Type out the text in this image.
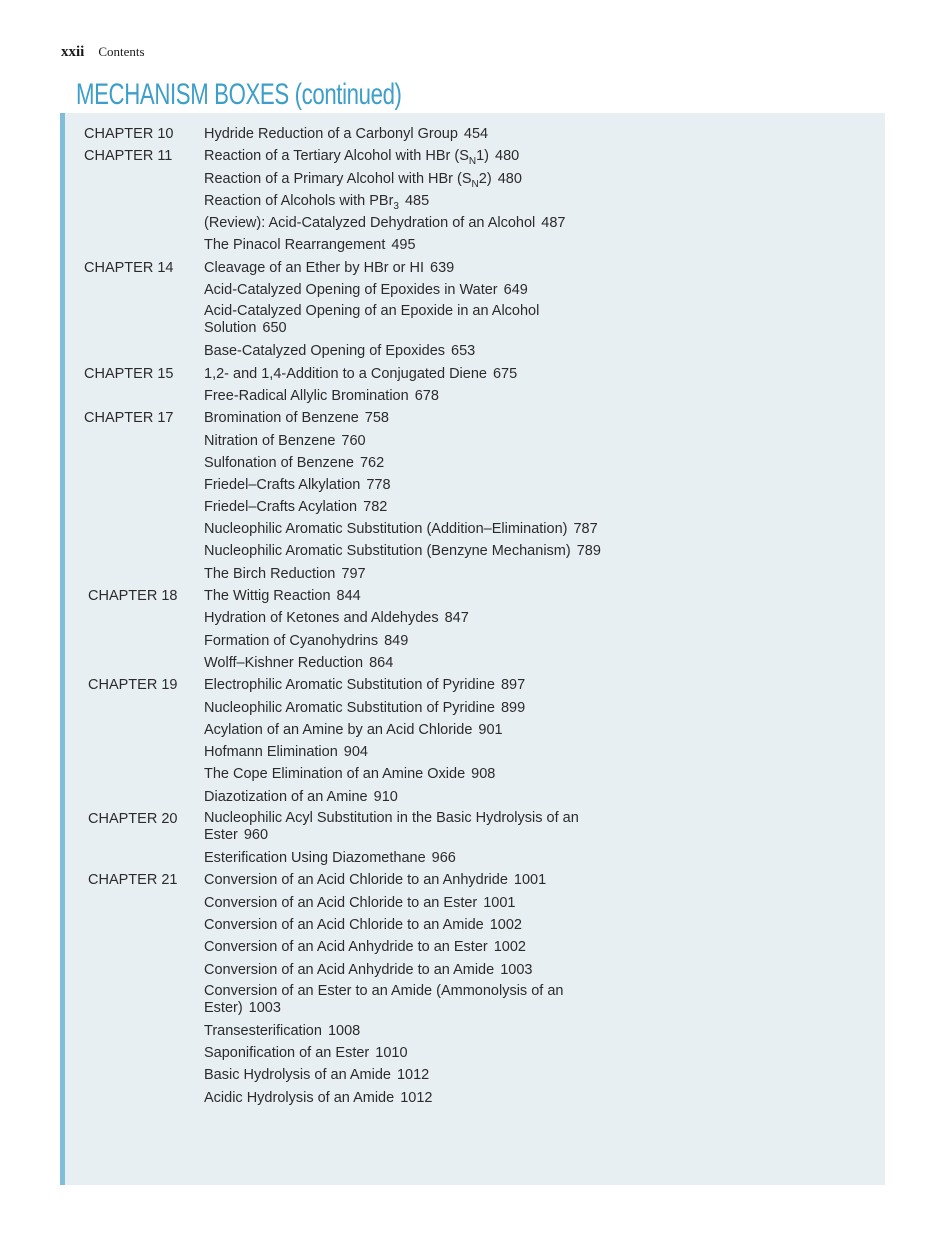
xxii Contents
MECHANISM BOXES (continued)
CHAPTER 10	Hydride Reduction of a Carbonyl Group 454
CHAPTER 11	Reaction of a Tertiary Alcohol with HBr $(S_N1)$ 480
Reaction of a Primary Alcohol with HBr $(S_N2)$ 480
Reaction of Alcohols with PBr$_3$ 485
(Review): Acid-Catalyzed Dehydration of an Alcohol 487
The Pinacol Rearrangement 495
CHAPTER 14	Cleavage of an Ether by HBr or HI 639
Acid-Catalyzed Opening of Epoxides in Water 649
Acid-Catalyzed Opening of an Epoxide in an Alcohol Solution 650
Base-Catalyzed Opening of Epoxides 653
CHAPTER 15	1,2- and 1,4-Addition to a Conjugated Diene 675
Free-Radical Allylic Bromination 678
CHAPTER 17	Bromination of Benzene 758
Nitration of Benzene 760
Sulfonation of Benzene 762
Friedel–Crafts Alkylation 778
Friedel–Crafts Acylation 782
Nucleophilic Aromatic Substitution (Addition–Elimination) 787
Nucleophilic Aromatic Substitution (Benzyne Mechanism) 789
The Birch Reduction 797
CHAPTER 18	The Wittig Reaction 844
Hydration of Ketones and Aldehydes 847
Formation of Cyanohydrins 849
Wolff–Kishner Reduction 864
CHAPTER 19	Electrophilic Aromatic Substitution of Pyridine 897
Nucleophilic Aromatic Substitution of Pyridine 899
Acylation of an Amine by an Acid Chloride 901
Hofmann Elimination 904
The Cope Elimination of an Amine Oxide 908
Diazotization of an Amine 910
CHAPTER 20	Nucleophilic Acyl Substitution in the Basic Hydrolysis of an Ester 960
Esterification Using Diazomethane 966
CHAPTER 21	Conversion of an Acid Chloride to an Anhydride 1001
Conversion of an Acid Chloride to an Ester 1001
Conversion of an Acid Chloride to an Amide 1002
Conversion of an Acid Anhydride to an Ester 1002
Conversion of an Acid Anhydride to an Amide 1003
Conversion of an Ester to an Amide (Ammonolysis of an Ester) 1003
Transesterification 1008
Saponification of an Ester 1010
Basic Hydrolysis of an Amide 1012
Acidic Hydrolysis of an Amide 1012
